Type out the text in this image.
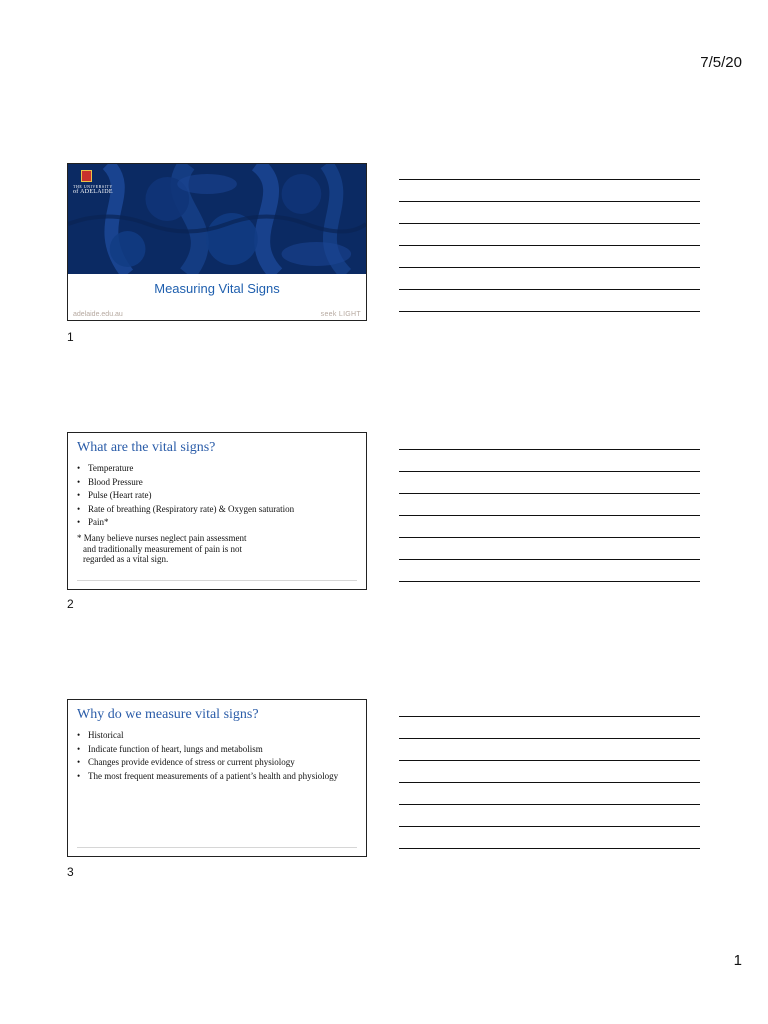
7/5/20
THE UNIVERSITY
of ADELAIDE
Measuring Vital Signs
adelaide.edu.au	seek LIGHT
1
What are the vital signs?
• Temperature
• Blood Pressure
• Pulse (Heart rate)
• Rate of breathing (Respiratory rate) & Oxygen saturation
• Pain*
* Many believe nurses neglect pain assessment
and traditionally measurement of pain is not
regarded as a vital sign.
2
Why do we measure vital signs?
• Historical
• Indicate function of heart, lungs and metabolism
• Changes provide evidence of stress or current physiology
• The most frequent measurements of a patient’s health and physiology
3
1
